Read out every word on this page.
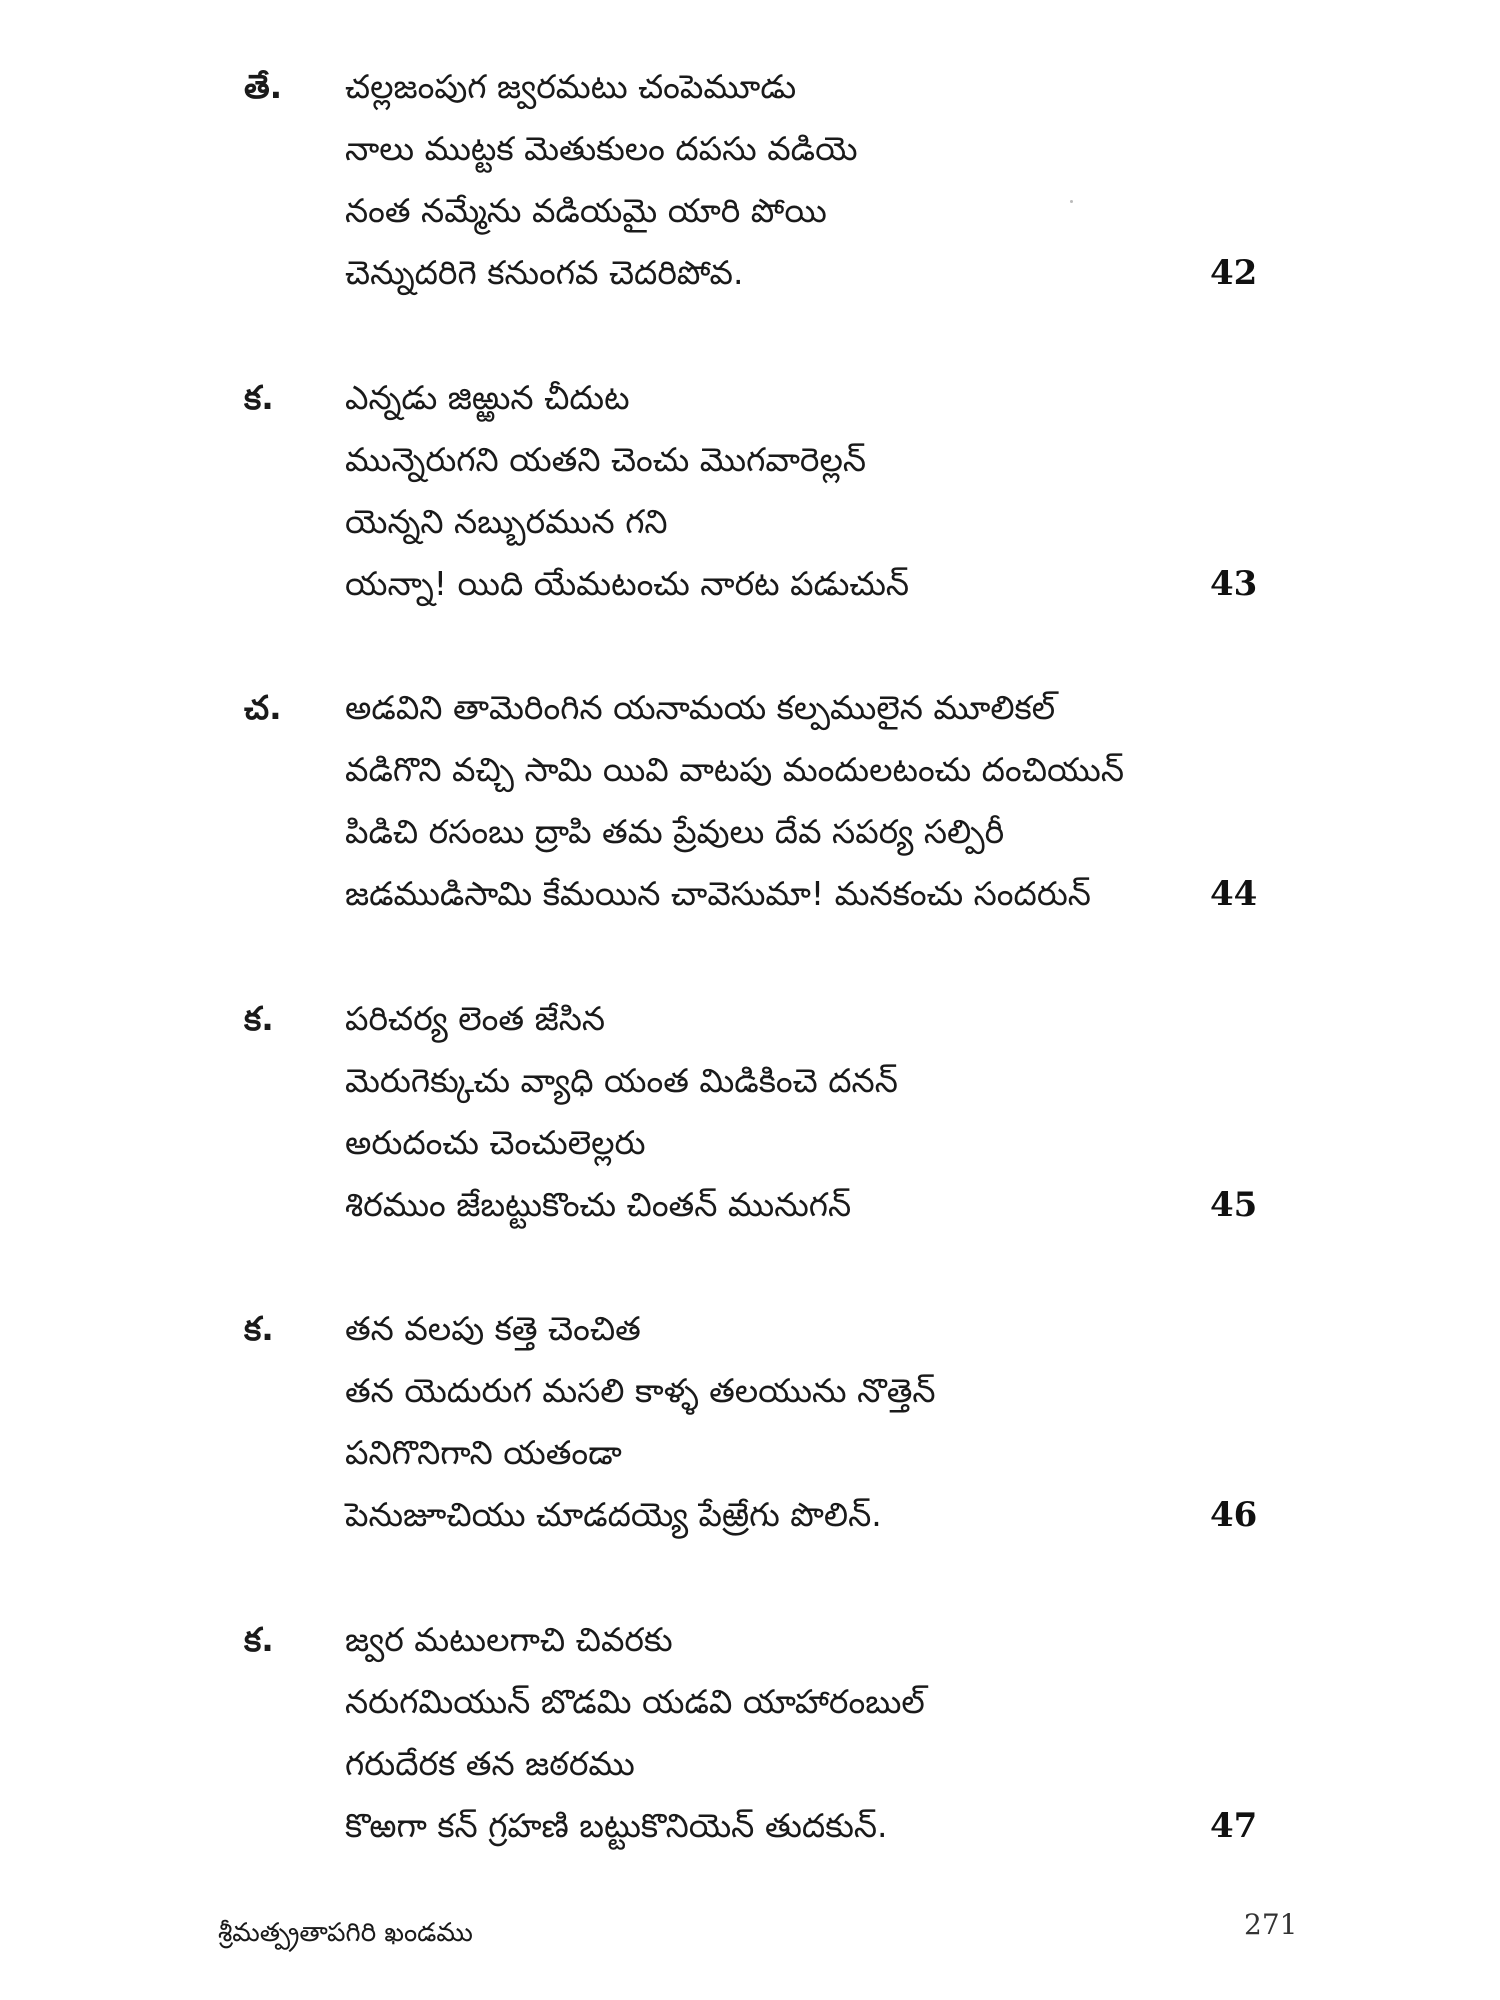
తే. చల్లజంపుగ జ్వరమటు చంపెమూడు
నాలు ముట్టక మెతుకులం దపసు వడియె
నంత నమ్మేను వడియమై యారి పోయి
చెన్నుదరిగె కనుంగవ చెదరిపోవ.	42
క. ఎన్నడు జిఱ్ఱున చీదుట
మున్నెరుగని యతని చెంచు మొగవారెల్లన్
యెన్నని నబ్బురమున గని
యన్నా! యిది యేమటంచు నారట పడుచున్	43
చ. అడవిని తామెరింగిన యనామయ కల్పములైన మూలికల్
వడిగొని వచ్చి సామి యివి వాటపు మందులటంచు దంచియున్
పిడిచి రసంబు ద్రాపి తమ ప్రేవులు దేవ సపర్య సల్పిరీ
జడముడిసామి కేమయిన చావెసుమా! మనకంచు సందరున్	44
క. పరిచర్య లెంత జేసిన
మెరుగెక్కుచు వ్యాధి యంత మిడికించె దనన్
అరుదంచు చెంచులెల్లరు
శిరముం జేబట్టుకొంచు చింతన్ మునుగన్	45
క. తన వలపు కత్తె చెంచిత
తన యెదురుగ మసలి కాళ్ళ తలయును నొత్తెన్
పనిగొనిగాని యతండా
పెనుజూచియు చూడదయ్యె పేఱ్రేగు పొలిన్.	46
క. జ్వర మటులగాచి చివరకు
నరుగమియున్ బొడమి యడవి యాహారంబుల్
గరుదేరక తన జఠరము
కొఱగా కన్ గ్రహణి బట్టుకొనియెన్ తుదకున్.	47
శ్రీమత్ప్రతాపగిరి ఖండము	271
